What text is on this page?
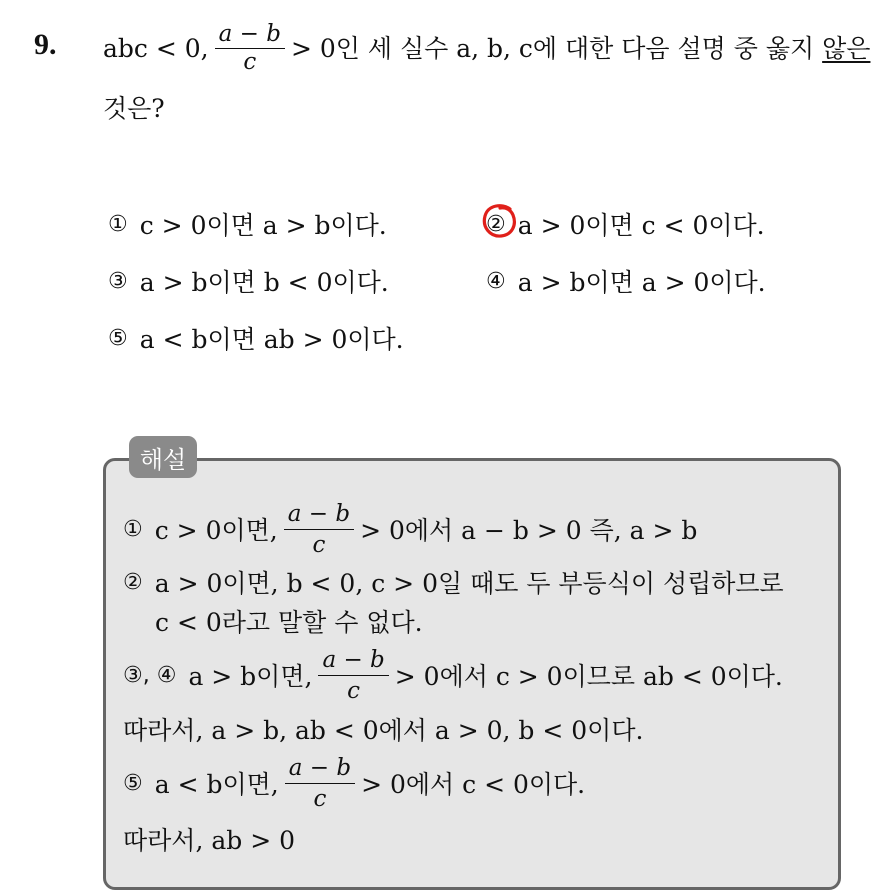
9. abc < 0, $\frac{a - b}{c} > 0$인 세 실수 a, b, c에 대한 다음 설명 중 옳지 않은
것은?
① c > 0이면 a > b이다.	② a > 0이면 c < 0이다.
③ a > b이면 b < 0이다.	④ a > b이면 a > 0이다.
⑤ a < b이면 ab > 0이다.
해설
① c > 0이면, $\frac{a - b}{c} > 0$에서 a − b > 0 즉, a > b
② a > 0이면, b < 0, c > 0일 때도 두 부등식이 성립하므로
c < 0라고 말할 수 없다.
③, ④ a > b이면, $\frac{a - b}{c} > 0$에서 c > 0이므로 ab < 0이다.
따라서, a > b, ab < 0에서 a > 0, b < 0이다.
⑤ a < b이면, $\frac{a - b}{c} > 0$에서 c < 0이다.
따라서, ab > 0
